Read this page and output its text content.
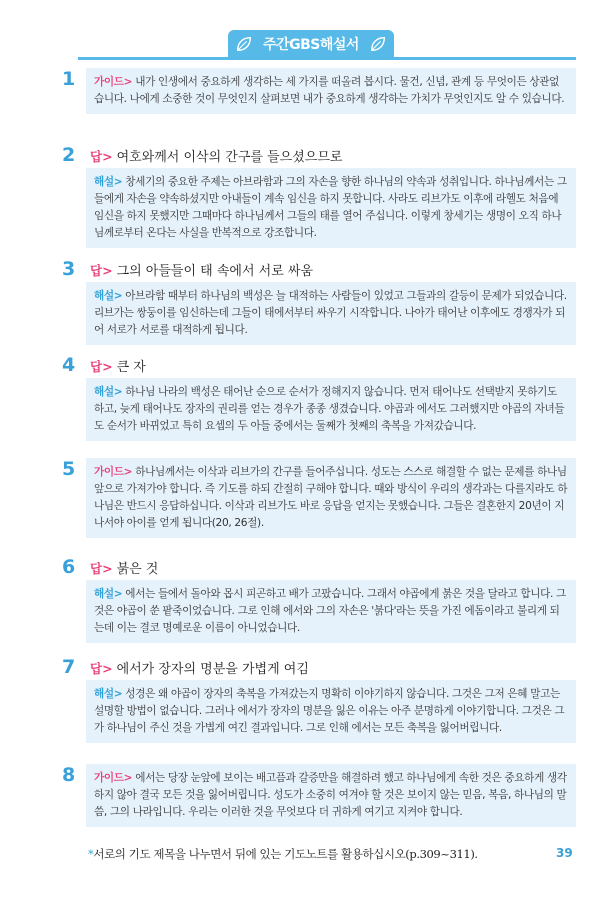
주간GBS해설서
1	가이드> 내가 인생에서 중요하게 생각하는 세 가지를 떠올려 봅시다. 물건, 신념, 관계 등 무엇이든 상관없습니다. 나에게 소중한 것이 무엇인지 살펴보면 내가 중요하게 생각하는 가치가 무엇인지도 알 수 있습니다.
2	답> 여호와께서 이삭의 간구를 들으셨으므로
해설> 창세기의 중요한 주제는 아브라함과 그의 자손을 향한 하나님의 약속과 성취입니다. 하나님께서는 그들에게 자손을 약속하셨지만 아내들이 계속 임신을 하지 못합니다. 사라도 리브가도 이후에 라헬도 처음에 임신을 하지 못했지만 그때마다 하나님께서 그들의 태를 열어 주십니다. 이렇게 창세기는 생명이 오직 하나님께로부터 온다는 사실을 반복적으로 강조합니다.
3	답> 그의 아들들이 태 속에서 서로 싸움
해설> 아브라함 때부터 하나님의 백성은 늘 대적하는 사람들이 있었고 그들과의 갈등이 문제가 되었습니다. 리브가는 쌍둥이를 임신하는데 그들이 태에서부터 싸우기 시작합니다. 나아가 태어난 이후에도 경쟁자가 되어 서로가 서로를 대적하게 됩니다.
4	답> 큰 자
해설> 하나님 나라의 백성은 태어난 순으로 순서가 정해지지 않습니다. 먼저 태어나도 선택받지 못하기도 하고, 늦게 태어나도 장자의 권리를 얻는 경우가 종종 생겼습니다. 야곱과 에서도 그러했지만 야곱의 자녀들도 순서가 바뀌었고 특히 요셉의 두 아들 중에서는 둘째가 첫째의 축복을 가져갔습니다.
5	가이드> 하나님께서는 이삭과 리브가의 간구를 들어주십니다. 성도는 스스로 해결할 수 없는 문제를 하나님 앞으로 가져가야 합니다. 즉 기도를 하되 간절히 구해야 합니다. 때와 방식이 우리의 생각과는 다를지라도 하나님은 반드시 응답하십니다. 이삭과 리브가도 바로 응답을 얻지는 못했습니다. 그들은 결혼한지 20년이 지나서야 아이를 얻게 됩니다(20, 26절).
6	답> 붉은 것
해설> 에서는 들에서 돌아와 몹시 피곤하고 배가 고팠습니다. 그래서 야곱에게 붉은 것을 달라고 합니다. 그것은 야곱이 쑨 팥죽이었습니다. 그로 인해 에서와 그의 자손은 '붉다'라는 뜻을 가진 에돔이라고 불리게 되는데 이는 결코 명예로운 이름이 아니었습니다.
7	답> 에서가 장자의 명분을 가볍게 여김
해설> 성경은 왜 야곱이 장자의 축복을 가져갔는지 명확히 이야기하지 않습니다. 그것은 그저 은혜 말고는 설명할 방법이 없습니다. 그러나 에서가 장자의 명분을 잃은 이유는 아주 분명하게 이야기합니다. 그것은 그가 하나님이 주신 것을 가볍게 여긴 결과입니다. 그로 인해 에서는 모든 축복을 잃어버립니다.
8	가이드> 에서는 당장 눈앞에 보이는 배고픔과 갈증만을 해결하려 했고 하나님에게 속한 것은 중요하게 생각하지 않아 결국 모든 것을 잃어버립니다. 성도가 소중히 여겨야 할 것은 보이지 않는 믿음, 복음, 하나님의 말씀, 그의 나라입니다. 우리는 이러한 것을 무엇보다 더 귀하게 여기고 지켜야 합니다.
*서로의 기도 제목을 나누면서 뒤에 있는 기도노트를 활용하십시오(p.309~311).	39
